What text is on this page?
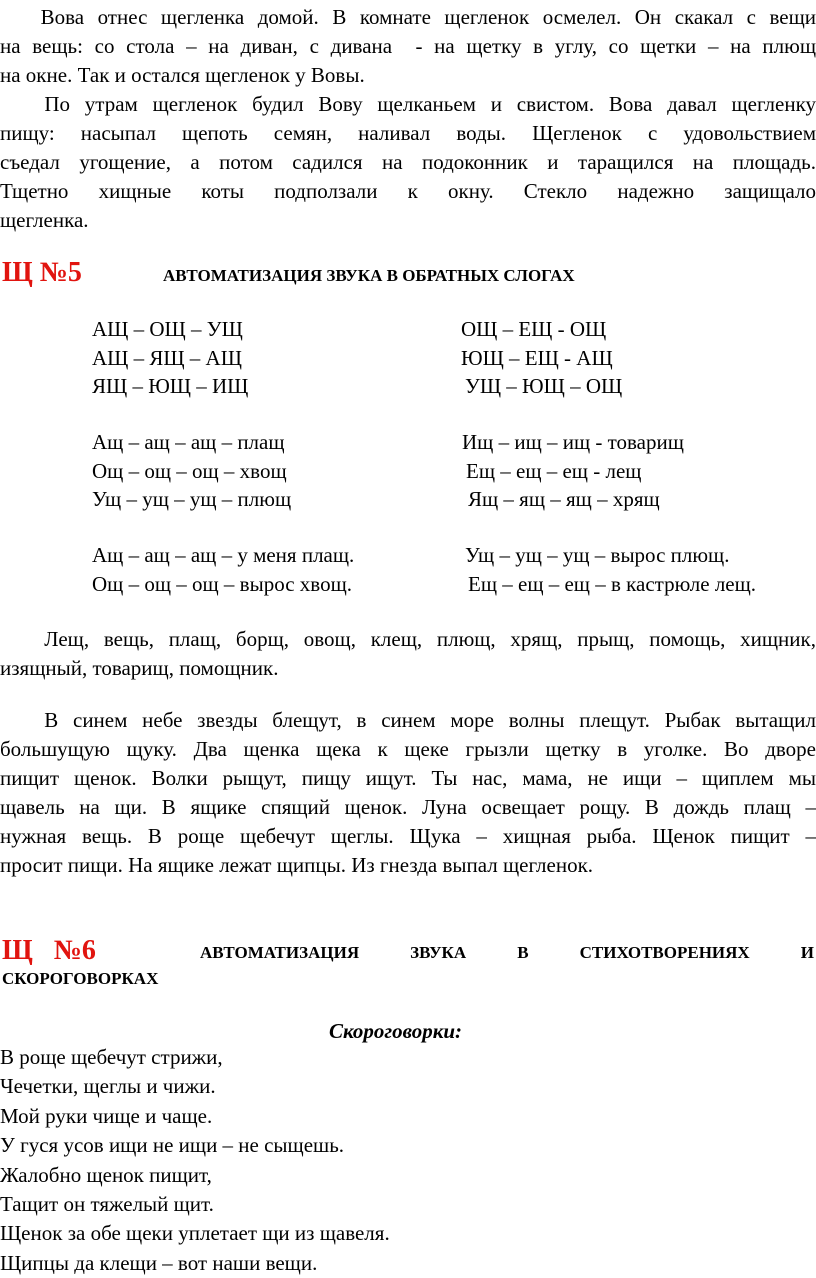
Вова отнес щегленка домой. В комнате щегленок осмелел. Он скакал с вещи
на вещь: со стола – на диван, с дивана  - на щетку в углу, со щетки – на плющ
на окне. Так и остался щегленок у Вовы.
По утрам щегленок будил Вову щелканьем и свистом. Вова давал щегленку
пищу: насыпал щепоть семян, наливал воды. Щегленок с удовольствием
съедал угощение, а потом садился на подоконник и таращился на площадь.
Тщетно хищные коты подползали к окну. Стекло надежно защищало
щегленка.
Щ №5	АВТОМАТИЗАЦИЯ ЗВУКА В ОБРАТНЫХ СЛОГАХ
АЩ – ОЩ – УЩ
АЩ – ЯЩ – АЩ
ЯЩ – ЮЩ – ИЩ
ОЩ – ЕЩ - ОЩ
ЮЩ – ЕЩ - АЩ
УЩ – ЮЩ – ОЩ
Ащ – ащ – ащ – плащ
Ощ – ощ – ощ – хвощ
Ущ – ущ – ущ – плющ
Ищ – ищ – ищ - товарищ
Ещ – ещ – ещ - лещ
Ящ – ящ – ящ – хрящ
Ащ – ащ – ащ – у меня плащ.
Ощ – ощ – ощ – вырос хвощ.
Ущ – ущ – ущ – вырос плющ.
Ещ – ещ – ещ – в кастрюле лещ.
Лещ, вещь, плащ, борщ, овощ, клещ, плющ, хрящ, прыщ, помощь, хищник,
изящный, товарищ, помощник.
В синем небе звезды блещут, в синем море волны плещут. Рыбак вытащил
большущую щуку. Два щенка щека к щеке грызли щетку в уголке. Во дворе
пищит щенок. Волки рыщут, пищу ищут. Ты нас, мама, не ищи – щиплем мы
щавель на щи. В ящике спящий щенок. Луна освещает рощу. В дождь плащ –
нужная вещь. В роще щебечут щеглы. Щука – хищная рыба. Щенок пищит –
просит пищи. На ящике лежат щипцы. Из гнезда выпал щегленок.
Щ   №6	АВТОМАТИЗАЦИЯ   ЗВУКА   В   СТИХОТВОРЕНИЯХ   И
СКОРОГОВОРКАХ
Скороговорки:
В роще щебечут стрижи,
Чечетки, щеглы и чижи.
Мой руки чище и чаще.
У гуся усов ищи не ищи – не сыщешь.
Жалобно щенок пищит,
Тащит он тяжелый щит.
Щенок за обе щеки уплетает щи из щавеля.
Щипцы да клещи – вот наши вещи.
